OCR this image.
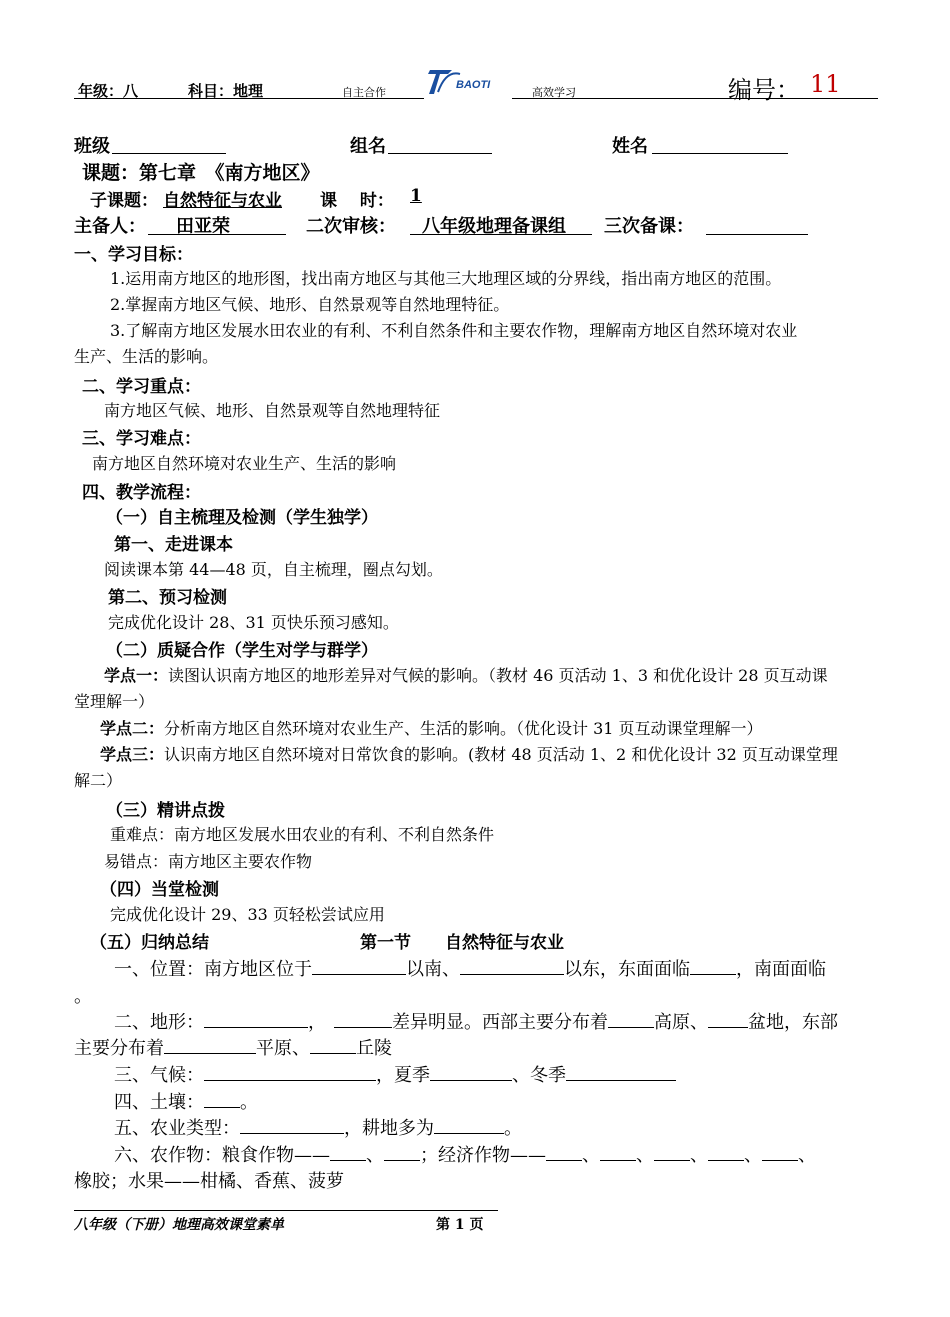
年级：八	科目：地理	自主合作
BAOTI
高效学习	编号： 11
班级	组名	姓名
课题：第七章　《南方地区》
子课题： 自然特征与农业 课　 时： 1
主备人： 田亚荣	二次审核： 八年级地理备课组 三次备课：
一、学习目标：
1.运用南方地区的地形图，找出南方地区与其他三大地理区域的分界线，指出南方地区的范围。
2.掌握南方地区气候、地形、自然景观等自然地理特征。
3.了解南方地区发展水田农业的有利、不利自然条件和主要农作物，理解南方地区自然环境对农业
生产、生活的影响。
二、学习重点：
南方地区气候、地形、自然景观等自然地理特征
三、学习难点：
南方地区自然环境对农业生产、生活的影响
四、教学流程：
（一）自主梳理及检测（学生独学）
第一、走进课本
阅读课本第 44—48 页，自主梳理，圈点勾划。
第二、预习检测
完成优化设计 28、31 页快乐预习感知。
（二）质疑合作（学生对学与群学）
学点一：读图认识南方地区的地形差异对气候的影响。（教材 46 页活动 1、3 和优化设计 28 页互动课
堂理解一）
学点二：分析南方地区自然环境对农业生产、生活的影响。（优化设计 31 页互动课堂理解一）
学点三：认识南方地区自然环境对日常饮食的影响。(教材 48 页活动 1、2 和优化设计 32 页互动课堂理
解二）
（三）精讲点拨
重难点：南方地区发展水田农业的有利、不利自然条件
易错点：南方地区主要农作物
（四）当堂检测
完成优化设计 29、33 页轻松尝试应用
（五）归纳总结	第一节　　自然特征与农业
一、位置：南方地区位于	以南、	以东，东面面临	，南面面临
。
二、地形：	，	差异明显。西部主要分布着	高原、 盆地，东部
主要分布着	平原、	丘陵
三、气候：	，夏季	、冬季
四、土壤： 。
五、农业类型：	，耕地多为	。
六、农作物：粮食作物—— 、 ；经济作物—— 、 、 、 、 、
橡胶；水果——柑橘、香蕉、菠萝
八年级（下册）地理高效课堂素单	第 1 页
